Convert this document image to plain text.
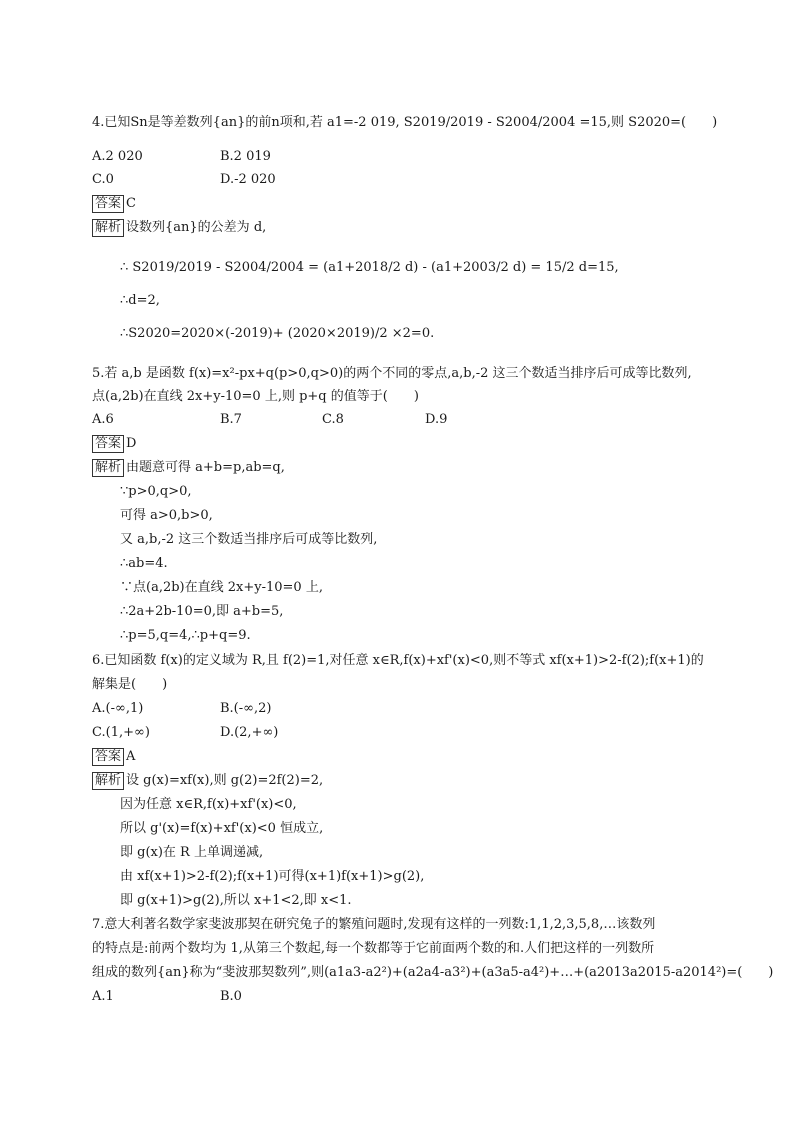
4.已知Sn是等差数列{an}的前n项和,若 a1=-2 019, S2019/2019 - S2004/2004 =15,则 S2020=(　　)
A.2 020	B.2 019
C.0	D.-2 020
答案 C
解析 设数列{an}的公差为 d,
∴ S2019/2019 - S2004/2004 = (a1+2018/2 d) - (a1+2003/2 d) = 15/2 d=15,
∴d=2,
∴S2020=2020×(-2019)+ (2020×2019)/2 ×2=0.
5.若 a,b 是函数 f(x)=x²-px+q(p>0,q>0)的两个不同的零点,a,b,-2 这三个数适当排序后可成等比数列,
点(a,2b)在直线 2x+y-10=0 上,则 p+q 的值等于(　　)
A.6	B.7	C.8	D.9
答案 D
解析 由题意可得 a+b=p,ab=q,
∵p>0,q>0,
可得 a>0,b>0,
又 a,b,-2 这三个数适当排序后可成等比数列,
∴ab=4.
∵点(a,2b)在直线 2x+y-10=0 上,
∴2a+2b-10=0,即 a+b=5,
∴p=5,q=4,∴p+q=9.
6.已知函数 f(x)的定义域为 R,且 f(2)=1,对任意 x∈R,f(x)+xf'(x)<0,则不等式 xf(x+1)>2-f(2);f(x+1)的
解集是(　　)
A.(-∞,1)	B.(-∞,2)
C.(1,+∞)	D.(2,+∞)
答案 A
解析 设 g(x)=xf(x),则 g(2)=2f(2)=2,
因为任意 x∈R,f(x)+xf'(x)<0,
所以 g'(x)=f(x)+xf'(x)<0 恒成立,
即 g(x)在 R 上单调递减,
由 xf(x+1)>2-f(2);f(x+1)可得(x+1)f(x+1)>g(2),
即 g(x+1)>g(2),所以 x+1<2,即 x<1.
7.意大利著名数学家斐波那契在研究兔子的繁殖问题时,发现有这样的一列数:1,1,2,3,5,8,…该数列
的特点是:前两个数均为 1,从第三个数起,每一个数都等于它前面两个数的和.人们把这样的一列数所
组成的数列{an}称为“斐波那契数列”,则(a1a3-a2²)+(a2a4-a3²)+(a3a5-a4²)+…+(a2013a2015-a2014²)=(　　)
A.1	B.0
